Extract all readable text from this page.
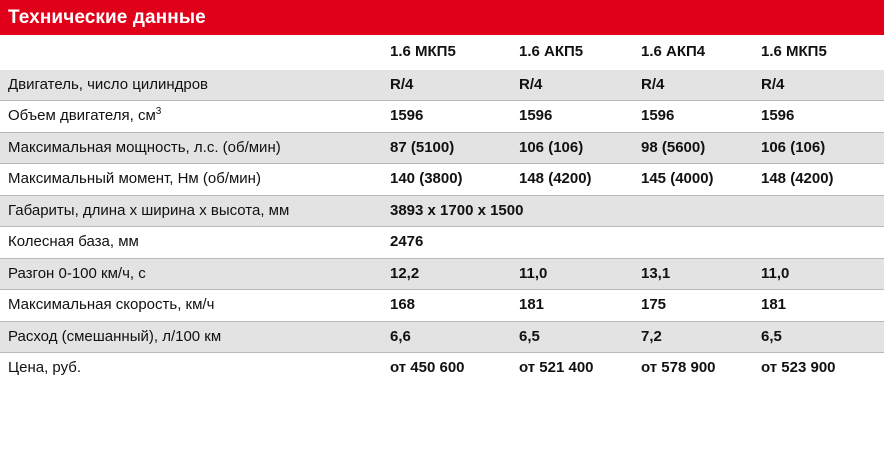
Технические данные
	1.6 МКП5	1.6 АКП5	1.6 АКП4	1.6 МКП5
Двигатель, число цилиндров	R/4	R/4	R/4	R/4
Объем двигателя, $см^3$	1596	1596	1596	1596
Максимальная мощность, л.с. (об/мин)	87 (5100)	106 (106)	98 (5600)	106 (106)
Максимальный момент, Нм (об/мин)	140 (3800)	148 (4200)	145 (4000)	148 (4200)
Габариты, длина х ширина х высота, мм	3893 x 1700 x 1500			
Колесная база, мм	2476			
Разгон 0-100 км/ч, с	12,2	11,0	13,1	11,0
Максимальная скорость, км/ч	168	181	175	181
Расход (смешанный), л/100 км	6,6	6,5	7,2	6,5
Цена, руб.	от 450 600	от 521 400	от 578 900	от 523 900
